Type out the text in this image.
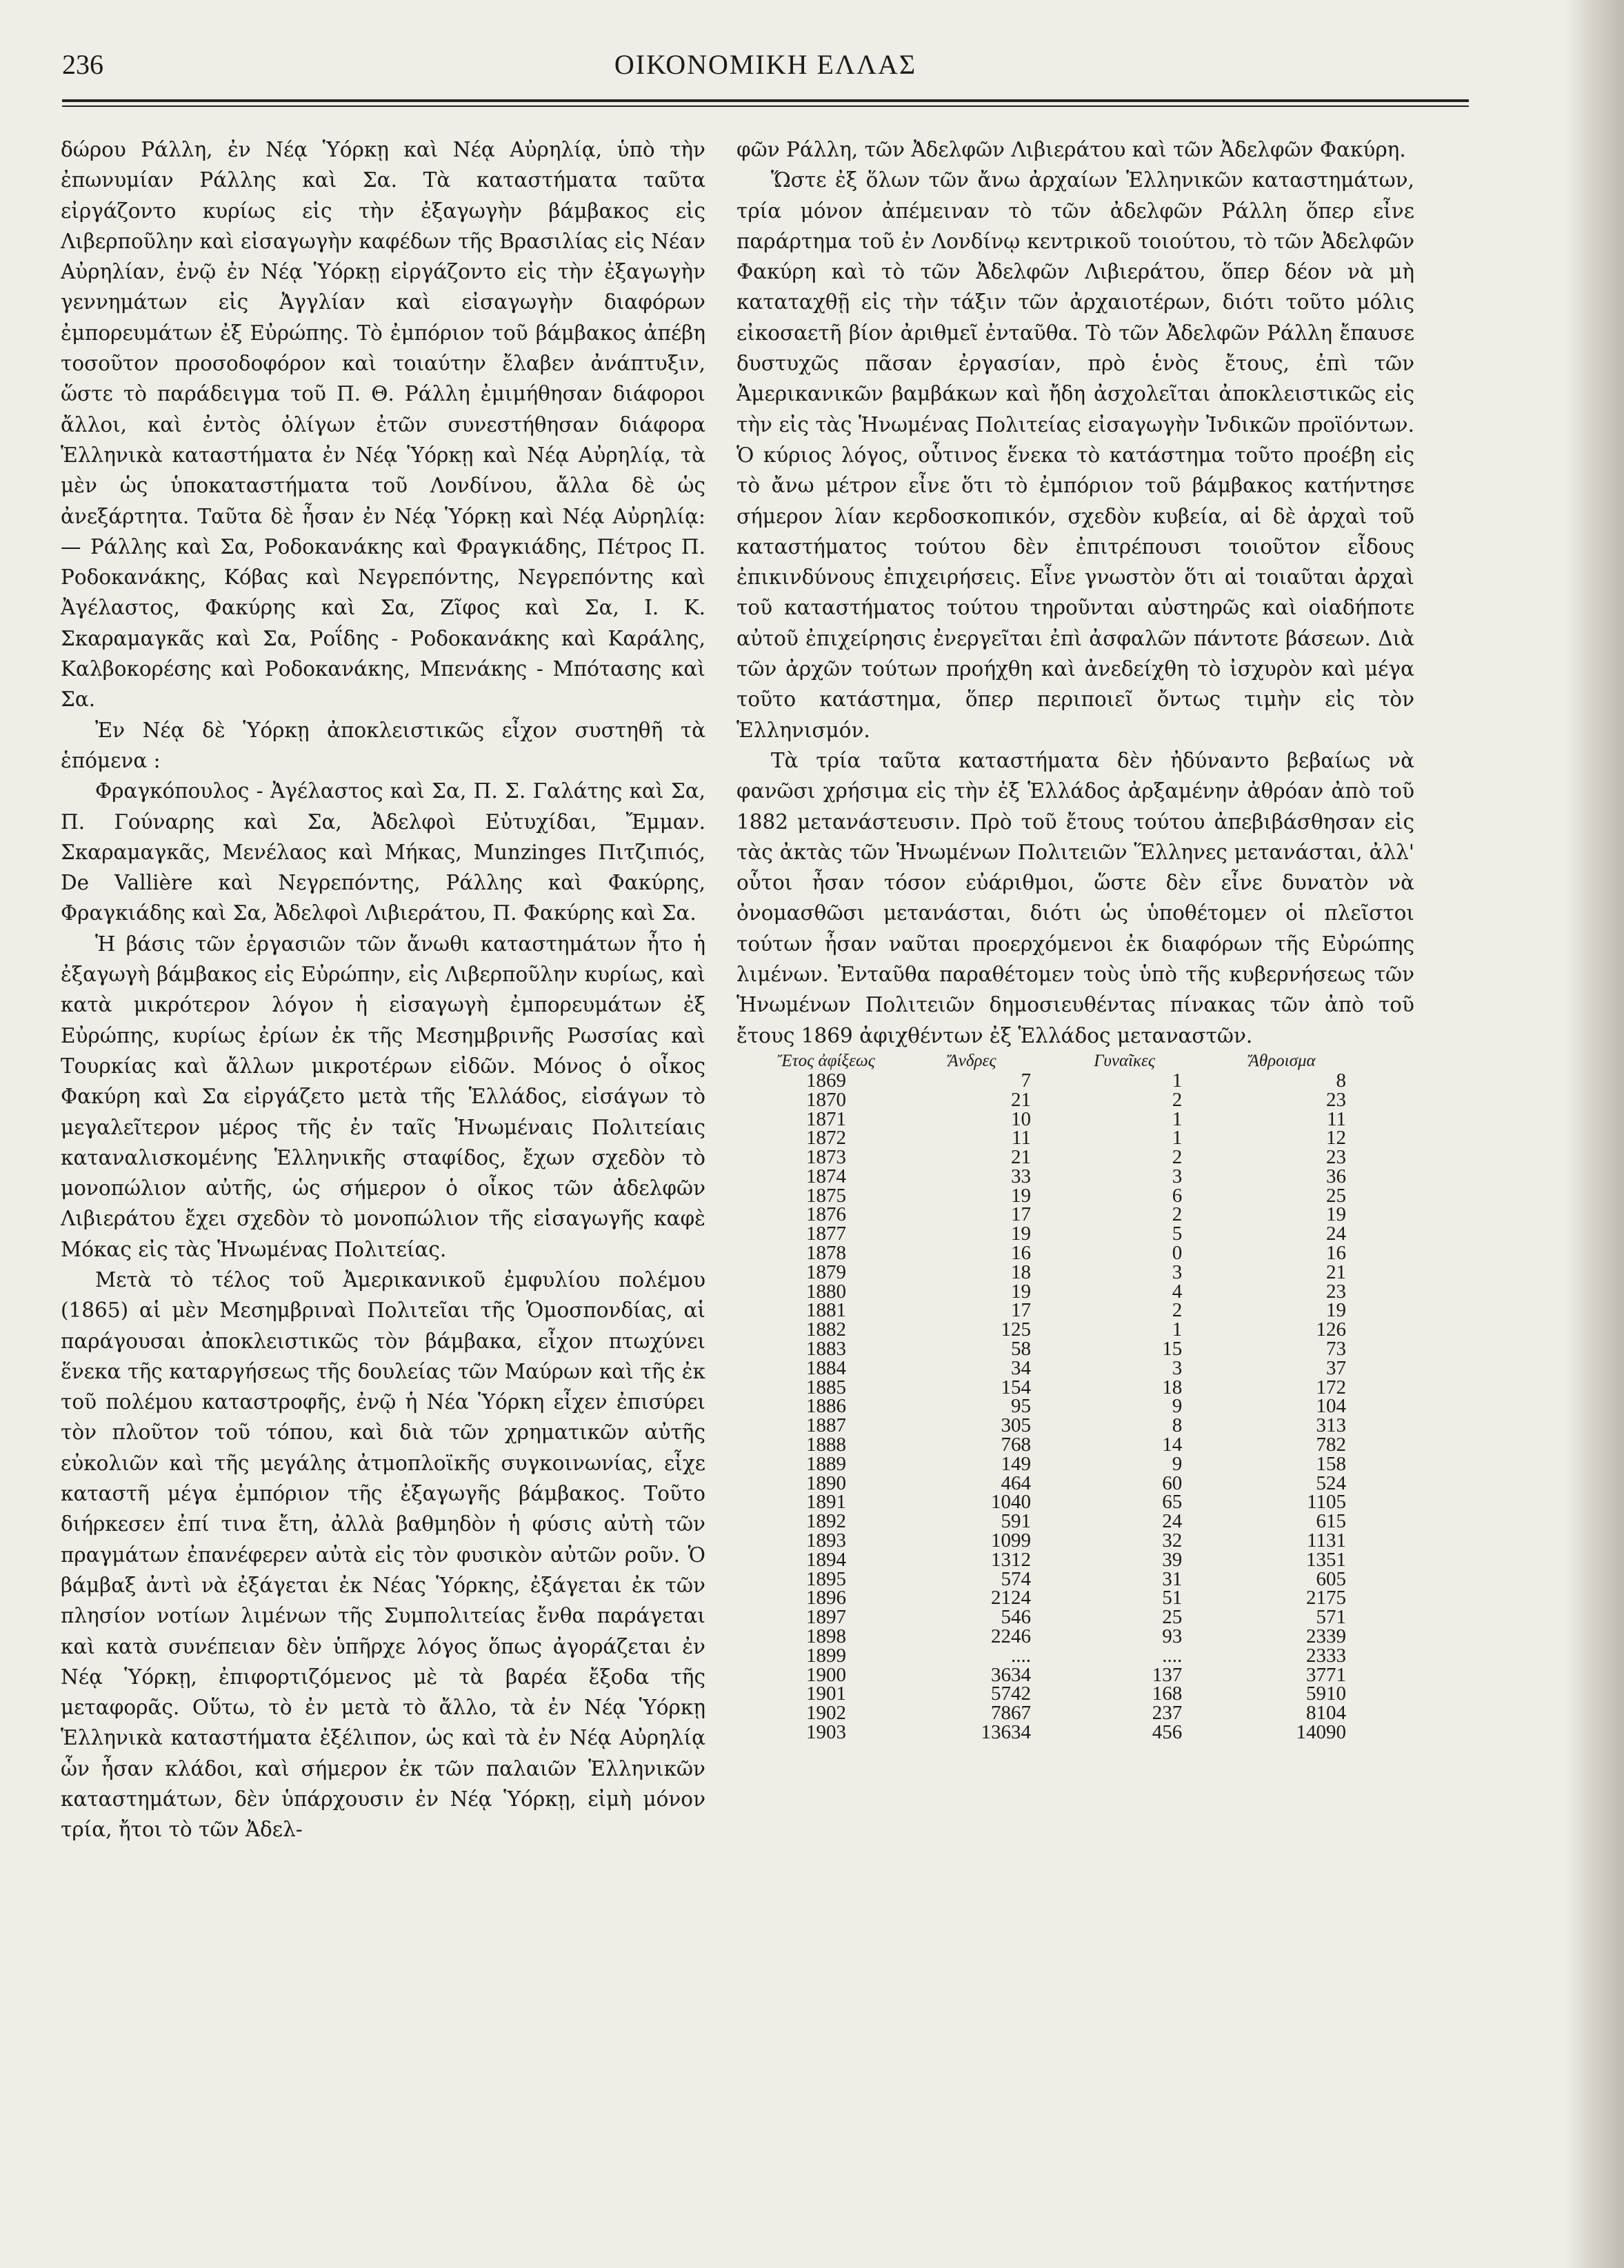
236	ΟΙΚΟΝΟΜΙΚΗ ΕΛΛΑΣ

δώρου Ράλλη, ἐν Νέᾳ Ὑόρκῃ καὶ Νέᾳ Αὐρηλίᾳ, ὑπὸ τὴν ἐπωνυμίαν Ράλλης καὶ Σα. Τὰ καταστήματα ταῦτα εἰργάζοντο κυρίως εἰς τὴν ἐξαγωγὴν βάμβακος εἰς Λιβερποῦλην καὶ εἰσαγωγὴν καφέδων τῆς Βρασιλίας εἰς Νέαν Αὐρηλίαν, ἐνῷ ἐν Νέᾳ Ὑόρκῃ εἰργάζοντο εἰς τὴν ἐξαγωγὴν γεννημάτων εἰς Ἀγγλίαν καὶ εἰσαγωγὴν διαφόρων ἐμπορευμάτων ἐξ Εὐρώπης. Τὸ ἐμπόριον τοῦ βάμβακος ἀπέβη τοσοῦτον προσοδοφόρον καὶ τοιαύτην ἔλαβεν ἀνάπτυξιν, ὥστε τὸ παράδειγμα τοῦ Π. Θ. Ράλλη ἐμιμήθησαν διάφοροι ἄλλοι, καὶ ἐντὸς ὀλίγων ἐτῶν συνεστήθησαν διάφορα Ἑλληνικὰ καταστήματα ἐν Νέᾳ Ὑόρκῃ καὶ Νέᾳ Αὐρηλίᾳ, τὰ μὲν ὡς ὑποκαταστήματα τοῦ Λονδίνου, ἄλλα δὲ ὡς ἀνεξάρτητα. Ταῦτα δὲ ἦσαν ἐν Νέᾳ Ὑόρκῃ καὶ Νέᾳ Αὐρηλίᾳ: — Ράλλης καὶ Σα, Ροδοκανάκης καὶ Φραγκιάδης, Πέτρος Π. Ροδοκανάκης, Κόβας καὶ Νεγρεπόντης, Νεγρεπόντης καὶ Ἀγέλαστος, Φακύρης καὶ Σα, Ζῖφος καὶ Σα, Ι. Κ. Σκαραμαγκᾶς καὶ Σα, Ροΐδης - Ροδοκανάκης καὶ Καράλης, Καλβοκορέσης καὶ Ροδοκανάκης, Μπενάκης - Μπότασης καὶ Σα.

Ἐν Νέᾳ δὲ Ὑόρκῃ ἀποκλειστικῶς εἶχον συστηθῆ τὰ ἑπόμενα :

Φραγκόπουλος - Ἀγέλαστος καὶ Σα, Π. Σ. Γαλάτης καὶ Σα, Π. Γούναρης καὶ Σα, Ἀδελφοὶ Εὐτυχίδαι, Ἔμμαν. Σκαραμαγκᾶς, Μενέλαος καὶ Μήκας, Munzinges Πιτζιπιός, De Vallière καὶ Νεγρεπόντης, Ράλλης καὶ Φακύρης, Φραγκιάδης καὶ Σα, Ἀδελφοὶ Λιβιεράτου, Π. Φακύρης καὶ Σα.

Ἡ βάσις τῶν ἐργασιῶν τῶν ἄνωθι καταστημάτων ἦτο ἡ ἐξαγωγὴ βάμβακος εἰς Εὐρώπην, εἰς Λιβερποῦλην κυρίως, καὶ κατὰ μικρότερον λόγον ἡ εἰσαγωγὴ ἐμπορευμάτων ἐξ Εὐρώπης, κυρίως ἐρίων ἐκ τῆς Μεσημβρινῆς Ρωσσίας καὶ Τουρκίας καὶ ἄλλων μικροτέρων εἰδῶν. Μόνος ὁ οἶκος Φακύρη καὶ Σα εἰργάζετο μετὰ τῆς Ἑλλάδος, εἰσάγων τὸ μεγαλεῖτερον μέρος τῆς ἐν ταῖς Ἡνωμέναις Πολιτείαις καταναλισκομένης Ἑλληνικῆς σταφίδος, ἔχων σχεδὸν τὸ μονοπώλιον αὐτῆς, ὡς σήμερον ὁ οἶκος τῶν ἀδελφῶν Λιβιεράτου ἔχει σχεδὸν τὸ μονοπώλιον τῆς εἰσαγωγῆς καφὲ Μόκας εἰς τὰς Ἡνωμένας Πολιτείας.

Μετὰ τὸ τέλος τοῦ Ἀμερικανικοῦ ἐμφυλίου πολέμου (1865) αἱ μὲν Μεσημβριναὶ Πολιτεῖαι τῆς Ὁμοσπονδίας, αἱ παράγουσαι ἀποκλειστικῶς τὸν βάμβακα, εἶχον πτωχύνει ἕνεκα τῆς καταργήσεως τῆς δουλείας τῶν Μαύρων καὶ τῆς ἐκ τοῦ πολέμου καταστροφῆς, ἐνῷ ἡ Νέα Ὑόρκη εἶχεν ἐπισύρει τὸν πλοῦτον τοῦ τόπου, καὶ διὰ τῶν χρηματικῶν αὐτῆς εὐκολιῶν καὶ τῆς μεγάλης ἀτμοπλοϊκῆς συγκοινωνίας, εἶχε καταστῆ μέγα ἐμπόριον τῆς ἐξαγωγῆς βάμβακος. Τοῦτο διήρκεσεν ἐπί τινα ἔτη, ἀλλὰ βαθμηδὸν ἡ φύσις αὐτὴ τῶν πραγμάτων ἐπανέφερεν αὐτὰ εἰς τὸν φυσικὸν αὐτῶν ροῦν. Ὁ βάμβαξ ἀντὶ νὰ ἐξάγεται ἐκ Νέας Ὑόρκης, ἐξάγεται ἐκ τῶν πλησίον νοτίων λιμένων τῆς Συμπολιτείας ἔνθα παράγεται καὶ κατὰ συνέπειαν δὲν ὑπῆρχε λόγος ὅπως ἀγοράζεται ἐν Νέᾳ Ὑόρκῃ, ἐπιφορτιζόμενος μὲ τὰ βαρέα ἔξοδα τῆς μεταφορᾶς. Οὕτω, τὸ ἐν μετὰ τὸ ἄλλο, τὰ ἐν Νέᾳ Ὑόρκῃ Ἑλληνικὰ καταστήματα ἐξέλιπον, ὡς καὶ τὰ ἐν Νέᾳ Αὐρηλίᾳ ὧν ἦσαν κλάδοι, καὶ σήμερον ἐκ τῶν παλαιῶν Ἑλληνικῶν καταστημάτων, δὲν ὑπάρχουσιν ἐν Νέᾳ Ὑόρκῃ, εἰμὴ μόνον τρία, ἤτοι τὸ τῶν Ἀδελ-

φῶν Ράλλη, τῶν Ἀδελφῶν Λιβιεράτου καὶ τῶν Ἀδελφῶν Φακύρη.

Ὥστε ἐξ ὅλων τῶν ἄνω ἀρχαίων Ἑλληνικῶν καταστημάτων, τρία μόνον ἀπέμειναν τὸ τῶν ἀδελφῶν Ράλλη ὅπερ εἶνε παράρτημα τοῦ ἐν Λονδίνῳ κεντρικοῦ τοιούτου, τὸ τῶν Ἀδελφῶν Φακύρη καὶ τὸ τῶν Ἀδελφῶν Λιβιεράτου, ὅπερ δέον νὰ μὴ καταταχθῇ εἰς τὴν τάξιν τῶν ἀρχαιοτέρων, διότι τοῦτο μόλις εἰκοσαετῆ βίον ἀριθμεῖ ἐνταῦθα. Τὸ τῶν Ἀδελφῶν Ράλλη ἔπαυσε δυστυχῶς πᾶσαν ἐργασίαν, πρὸ ἑνὸς ἔτους, ἐπὶ τῶν Ἀμερικανικῶν βαμβάκων καὶ ἤδη ἀσχολεῖται ἀποκλειστικῶς εἰς τὴν εἰς τὰς Ἡνωμένας Πολιτείας εἰσαγωγὴν Ἰνδικῶν προϊόντων. Ὁ κύριος λόγος, οὗτινος ἕνεκα τὸ κατάστημα τοῦτο προέβη εἰς τὸ ἄνω μέτρον εἶνε ὅτι τὸ ἐμπόριον τοῦ βάμβακος κατήντησε σήμερον λίαν κερδοσκοπικόν, σχεδὸν κυβεία, αἱ δὲ ἀρχαὶ τοῦ καταστήματος τούτου δὲν ἐπιτρέπουσι τοιοῦτον εἶδους ἐπικινδύνους ἐπιχειρήσεις. Εἶνε γνωστὸν ὅτι αἱ τοιαῦται ἀρχαὶ τοῦ καταστήματος τούτου τηροῦνται αὐστηρῶς καὶ οἱαδήποτε αὐτοῦ ἐπιχείρησις ἐνεργεῖται ἐπὶ ἀσφαλῶν πάντοτε βάσεων. Διὰ τῶν ἀρχῶν τούτων προήχθη καὶ ἀνεδείχθη τὸ ἰσχυρὸν καὶ μέγα τοῦτο κατάστημα, ὅπερ περιποιεῖ ὄντως τιμὴν εἰς τὸν Ἑλληνισμόν.

Τὰ τρία ταῦτα καταστήματα δὲν ἠδύναντο βεβαίως νὰ φανῶσι χρήσιμα εἰς τὴν ἐξ Ἑλλάδος ἀρξαμένην ἀθρόαν ἀπὸ τοῦ 1882 μετανάστευσιν. Πρὸ τοῦ ἔτους τούτου ἀπεβιβάσθησαν εἰς τὰς ἀκτὰς τῶν Ἡνωμένων Πολιτειῶν Ἕλληνες μετανάσται, ἀλλ' οὗτοι ἦσαν τόσον εὐάριθμοι, ὥστε δὲν εἶνε δυνατὸν νὰ ὀνομασθῶσι μετανάσται, διότι ὡς ὑποθέτομεν οἱ πλεῖστοι τούτων ἦσαν ναῦται προερχόμενοι ἐκ διαφόρων τῆς Εὐρώπης λιμένων. Ἐνταῦθα παραθέτομεν τοὺς ὑπὸ τῆς κυβερνήσεως τῶν Ἡνωμένων Πολιτειῶν δημοσιευθέντας πίνακας τῶν ἀπὸ τοῦ ἔτους 1869 ἀφιχθέντων ἐξ Ἑλλάδος μεταναστῶν.

Ἔτος ἀφίξεως	Ἄνδρες	Γυναῖκες	Ἄθροισμα
1869	7	1	8
1870	21	2	23
1871	10	1	11
1872	11	1	12
1873	21	2	23
1874	33	3	36
1875	19	6	25
1876	17	2	19
1877	19	5	24
1878	16	0	16
1879	18	3	21
1880	19	4	23
1881	17	2	19
1882	125	1	126
1883	58	15	73
1884	34	3	37
1885	154	18	172
1886	95	9	104
1887	305	8	313
1888	768	14	782
1889	149	9	158
1890	464	60	524
1891	1040	65	1105
1892	591	24	615
1893	1099	32	1131
1894	1312	39	1351
1895	574	31	605
1896	2124	51	2175
1897	546	25	571
1898	2246	93	2339
1899	....	....	2333
1900	3634	137	3771
1901	5742	168	5910
1902	7867	237	8104
1903	13634	456	14090
